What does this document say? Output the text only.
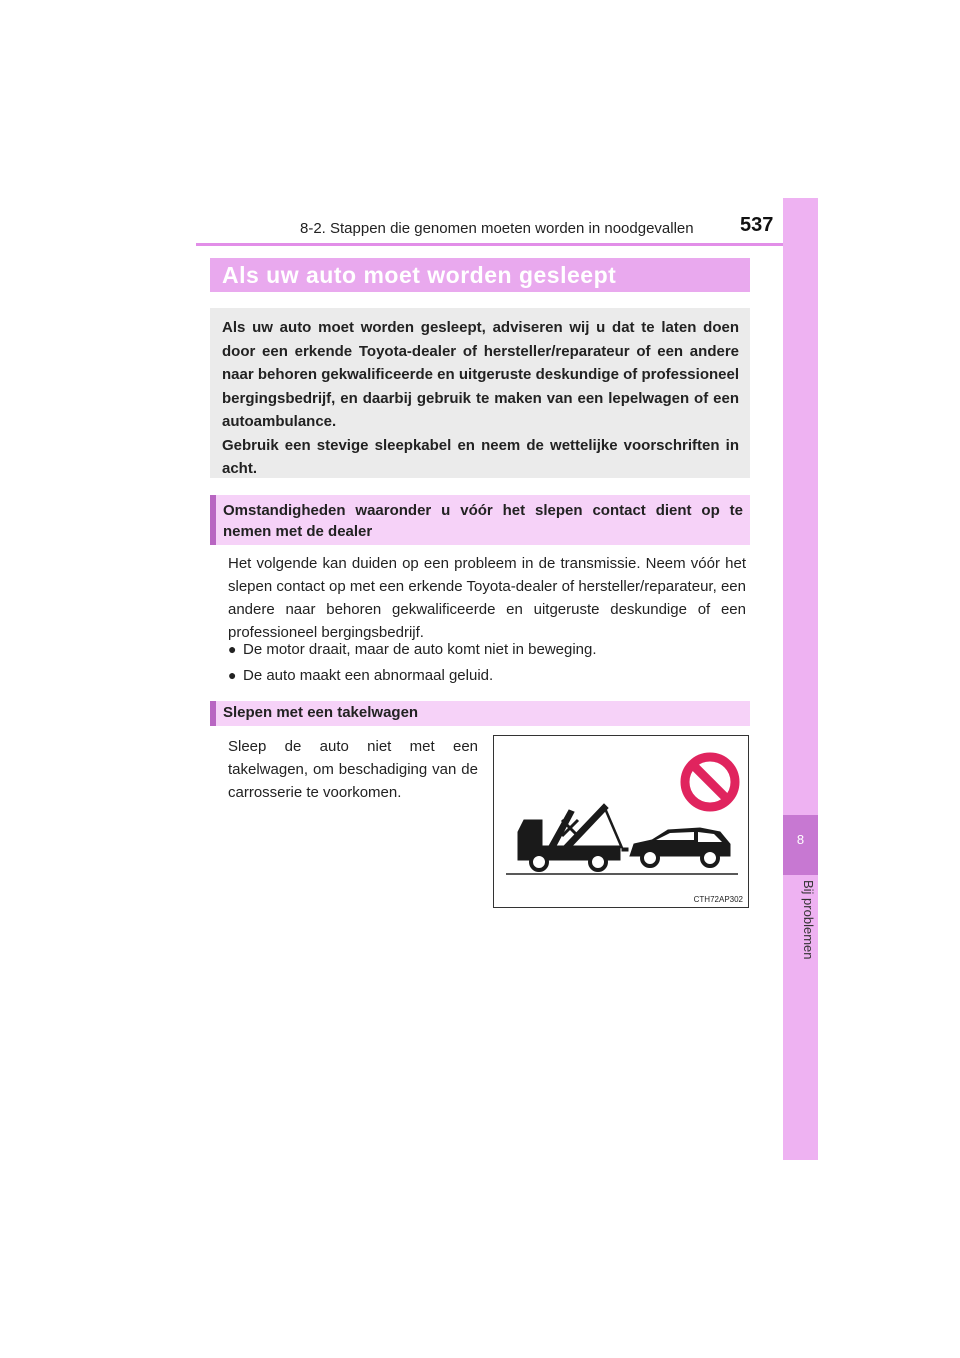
8-2. Stappen die genomen moeten worden in noodgevallen 537
8
Bij problemen
Als uw auto moet worden gesleept

Als uw auto moet worden gesleept, adviseren wij u dat te laten doen door een erkende Toyota-dealer of hersteller/reparateur of een andere naar behoren gekwalificeerde en uitgeruste deskundige of professioneel bergingsbedrijf, en daarbij gebruik te maken van een lepelwagen of een autoambulance.

Gebruik een stevige sleepkabel en neem de wettelijke voorschriften in acht.

Omstandigheden waaronder u vóór het slepen contact dient op te nemen met de dealer
Het volgende kan duiden op een probleem in de transmissie. Neem vóór het slepen contact op met een erkende Toyota-dealer of hersteller/reparateur, een andere naar behoren gekwalificeerde en uitgeruste deskundige of een professioneel bergingsbedrijf.
● De motor draait, maar de auto komt niet in beweging.
● De auto maakt een abnormaal geluid.
Slepen met een takelwagen
Sleep de auto niet met een takelwagen, om beschadiging van de carrosserie te voorkomen.
CTH72AP302
